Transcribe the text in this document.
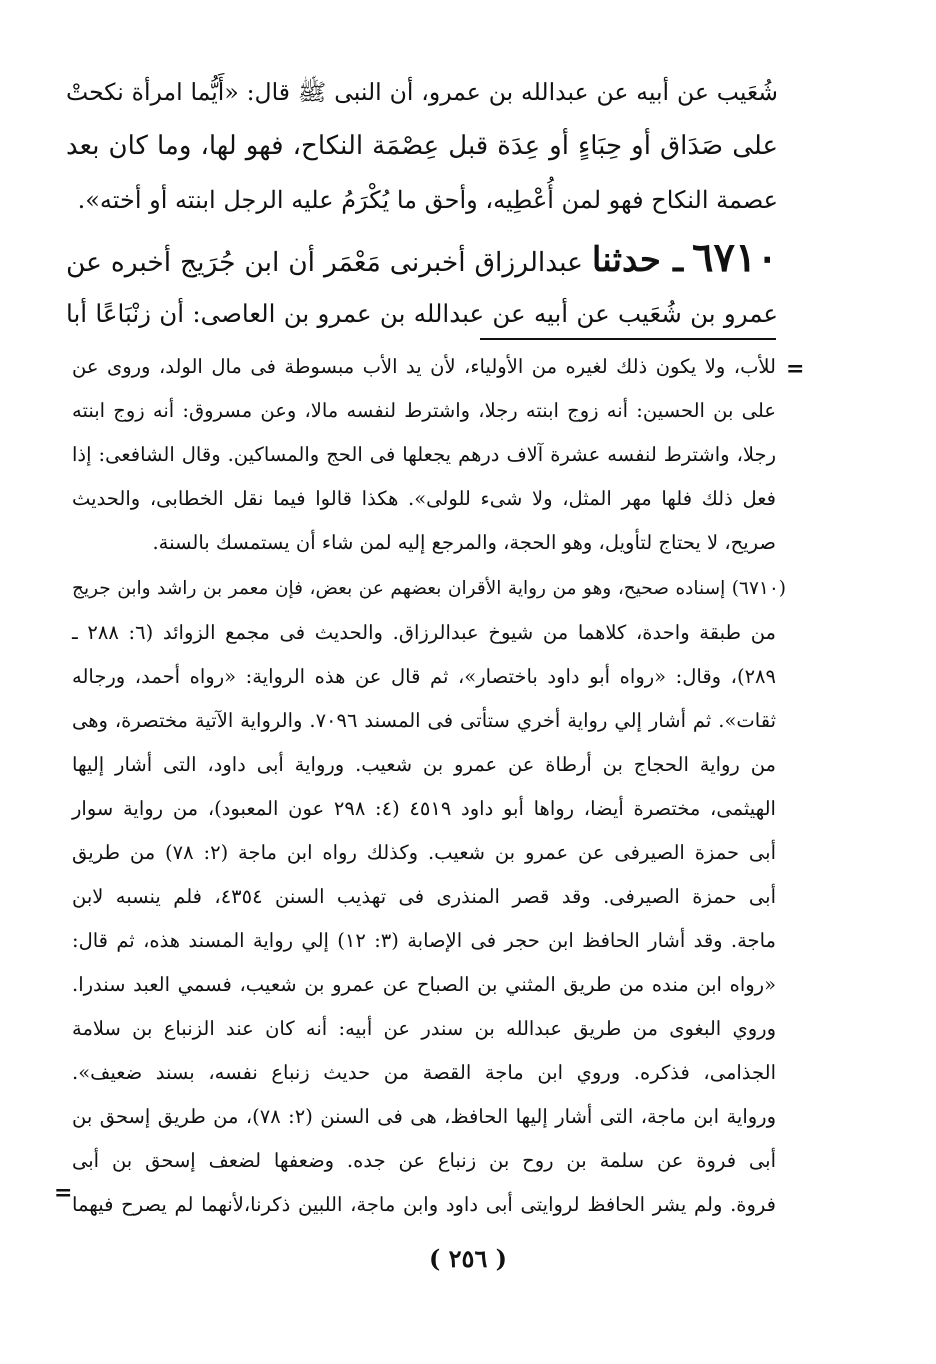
شُعَيب عن أبيه عن عبدالله بن عمرو، أن النبى ﷺ قال: «أَيُّما امرأة نكحتْ
على صَدَاق أو حِبَاءٍ أو عِدَة قبل عِصْمَة النكاح، فهو لها، وما كان بعد
عصمة النكاح فهو لمن أُعْطِيه، وأحق ما يُكْرَمُ عليه الرجل ابنته أو أخته».
٦٧١٠ ـ حدثنا عبدالرزاق أخبرنى مَعْمَر أن ابن جُرَيج أخبره عن
عمرو بن شُعَيب عن أبيه عن عبدالله بن عمرو بن العاصى: أن زنْبَاعًا أبا
=
للأب، ولا يكون ذلك لغيره من الأولياء، لأن يد الأب مبسوطة فى مال الولد، وروى عن
على بن الحسين: أنه زوج ابنته رجلا، واشترط لنفسه مالا، وعن مسروق: أنه زوج ابنته
رجلا، واشترط لنفسه عشرة آلاف درهم يجعلها فى الحج والمساكين. وقال الشافعى: إذا
فعل ذلك فلها مهر المثل، ولا شىء للولى». هكذا قالوا فيما نقل الخطابى، والحديث
صريح، لا يحتاج لتأويل، وهو الحجة، والمرجع إليه لمن شاء أن يستمسك بالسنة.
(٦٧١٠) إسناده صحيح، وهو من رواية الأقران بعضهم عن بعض، فإن معمر بن راشد وابن جريج
من طبقة واحدة، كلاهما من شيوخ عبدالرزاق. والحديث فى مجمع الزوائد (٦: ٢٨٨ ـ
٢٨٩)، وقال: «رواه أبو داود باختصار»، ثم قال عن هذه الرواية: «رواه أحمد، ورجاله
ثقات». ثم أشار إلي رواية أخري ستأتى فى المسند ٧٠٩٦. والرواية الآتية مختصرة، وهى
من رواية الحجاج بن أرطاة عن عمرو بن شعيب. ورواية أبى داود، التى أشار إليها
الهيثمى، مختصرة أيضا، رواها أبو داود ٤٥١٩ (٤: ٢٩٨ عون المعبود)، من رواية سوار
أبى حمزة الصيرفى عن عمرو بن شعيب. وكذلك رواه ابن ماجة (٢: ٧٨) من طريق
أبى حمزة الصيرفى. وقد قصر المنذرى فى تهذيب السنن ٤٣٥٤، فلم ينسبه لابن
ماجة. وقد أشار الحافظ ابن حجر فى الإصابة (٣: ١٢) إلي رواية المسند هذه، ثم قال:
«رواه ابن منده من طريق المثني بن الصباح عن عمرو بن شعيب، فسمي العبد سندرا.
وروي البغوى من طريق عبدالله بن سندر عن أبيه: أنه كان عند الزنباع بن سلامة
الجذامى، فذكره. وروي ابن ماجة القصة من حديث زنباع نفسه، بسند ضعيف».
ورواية ابن ماجة، التى أشار إليها الحافظ، هى فى السنن (٢: ٧٨)، من طريق إسحق بن
أبى فروة عن سلمة بن روح بن زنباع عن جده. وضعفها لضعف إسحق بن أبى
فروة. ولم يشر الحافظ لروايتى أبى داود وابن ماجة، اللبين ذكرنا،لأنهما لم يصرح فيهما
=
( ٢٥٦ )
